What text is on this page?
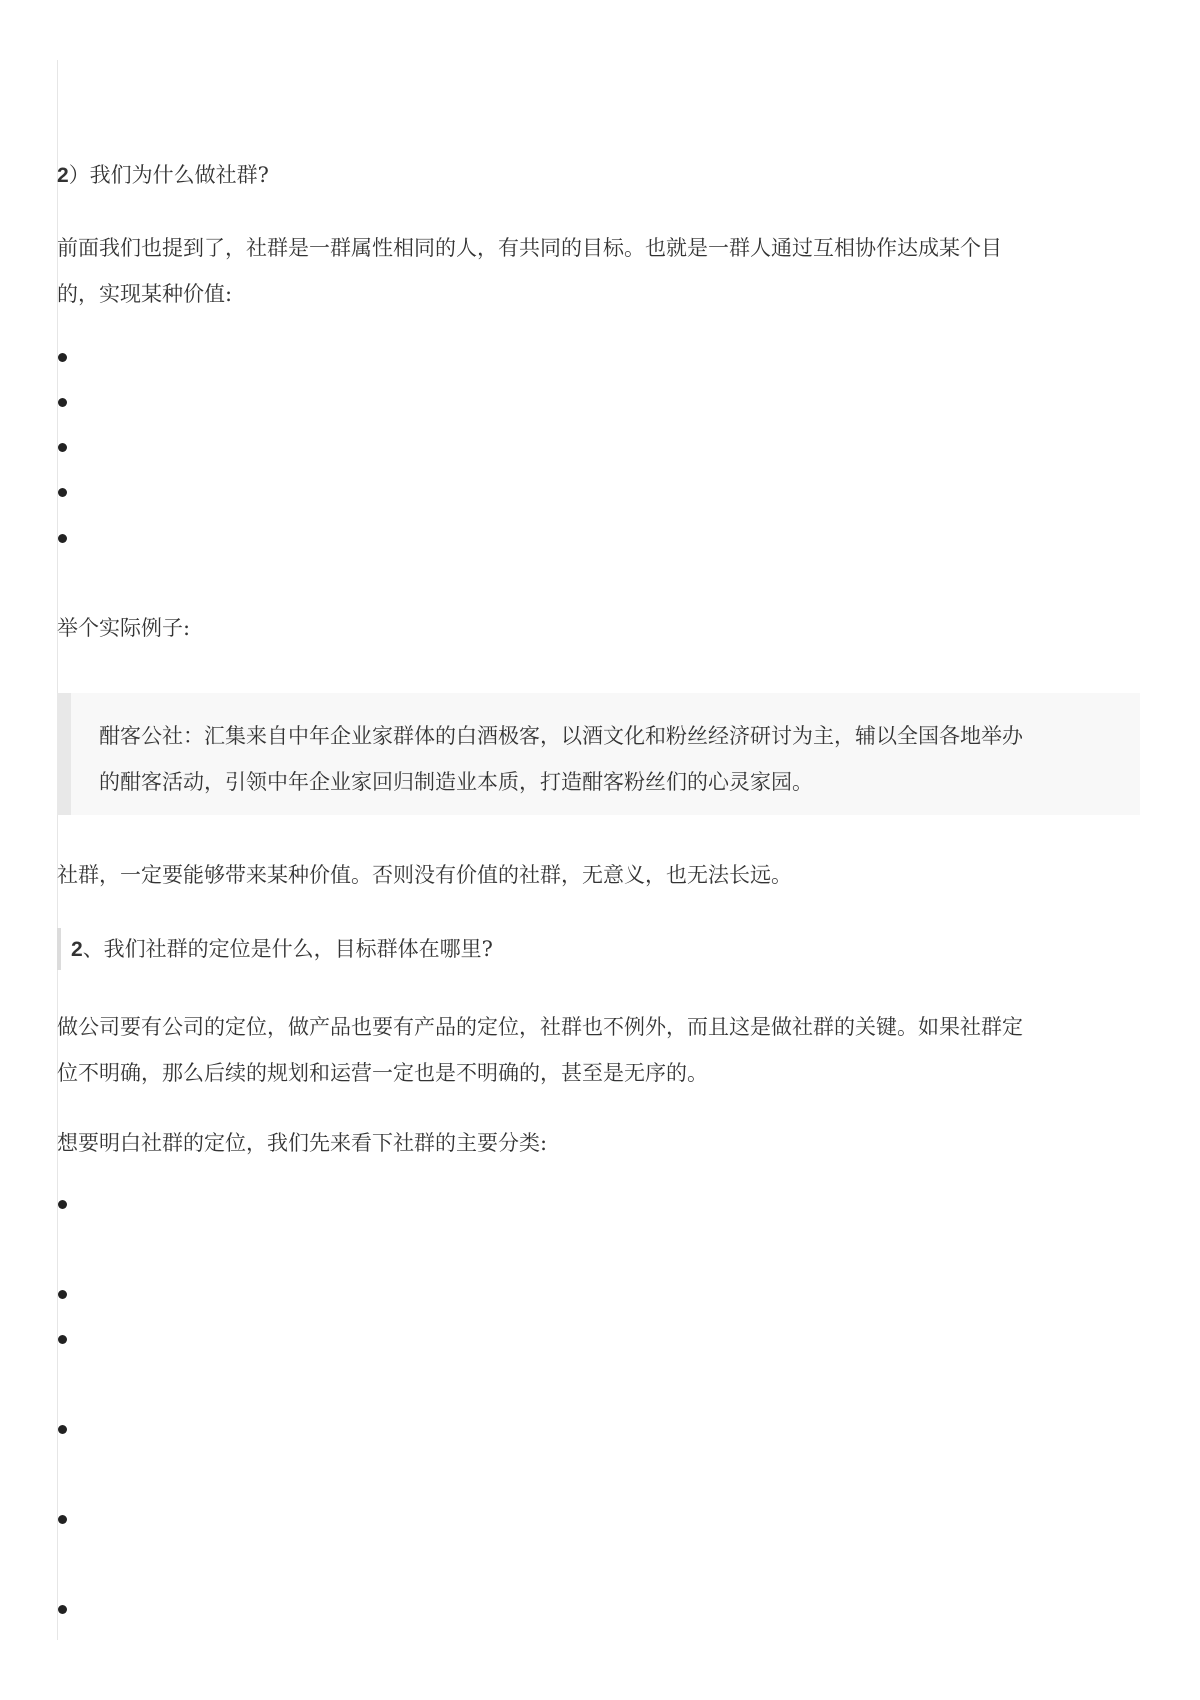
2）我们为什么做社群?

前面我们也提到了，社群是一群属性相同的人，有共同的目标。也就是一群人通过互相协作达成某个目的，实现某种价值:

举个实际例子:

酣客公社：汇集来自中年企业家群体的白酒极客，以酒文化和粉丝经济研讨为主，辅以全国各地举办的酣客活动，引领中年企业家回归制造业本质，打造酣客粉丝们的心灵家园。

社群，一定要能够带来某种价值。否则没有价值的社群，无意义，也无法长远。

2、我们社群的定位是什么，目标群体在哪里?

做公司要有公司的定位，做产品也要有产品的定位，社群也不例外，而且这是做社群的关键。如果社群定位不明确，那么后续的规划和运营一定也是不明确的，甚至是无序的。

想要明白社群的定位，我们先来看下社群的主要分类:
